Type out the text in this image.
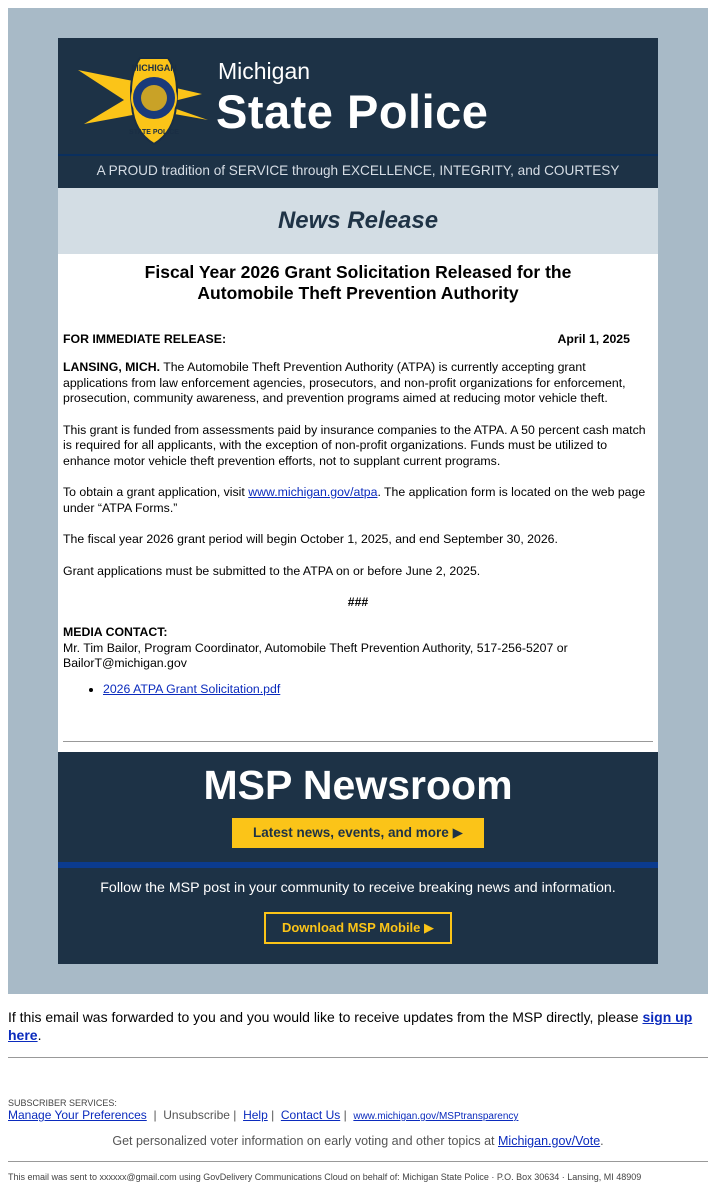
MICHIGAN
STATE POLICE
Michigan
State Police
A PROUD tradition of SERVICE through EXCELLENCE, INTEGRITY, and COURTESY
News Release

Fiscal Year 2026 Grant Solicitation Released for the Automobile Theft Prevention Authority

FOR IMMEDIATE RELEASE:	April 1, 2025

LANSING, MICH. The Automobile Theft Prevention Authority (ATPA) is currently accepting grant applications from law enforcement agencies, prosecutors, and non-profit organizations for enforcement, prosecution, community awareness, and prevention programs aimed at reducing motor vehicle theft.

This grant is funded from assessments paid by insurance companies to the ATPA. A 50 percent cash match is required for all applicants, with the exception of non-profit organizations. Funds must be utilized to enhance motor vehicle theft prevention efforts, not to supplant current programs.

To obtain a grant application, visit www.michigan.gov/atpa. The application form is located on the web page under “ATPA Forms.”

The fiscal year 2026 grant period will begin October 1, 2025, and end September 30, 2026.

Grant applications must be submitted to the ATPA on or before June 2, 2025.

###

MEDIA CONTACT:

Mr. Tim Bailor, Program Coordinator, Automobile Theft Prevention Authority, 517-256-5207 or BailorT@michigan.gov

• 2026 ATPA Grant Solicitation.pdf
MSP Newsroom
Latest news, events, and more ▶
Follow the MSP post in your community to receive breaking news and information.
Download MSP Mobile ▶
If this email was forwarded to you and you would like to receive updates from the MSP directly, please sign up here.
SUBSCRIBER SERVICES:
Manage Your Preferences  |  Unsubscribe |  Help |  Contact Us |  www.michigan.gov/MSPtransparency
Get personalized voter information on early voting and other topics at Michigan.gov/Vote.
This email was sent to xxxxxx@gmail.com using GovDelivery Communications Cloud on behalf of: Michigan State Police · P.O. Box 30634 · Lansing, MI 48909
